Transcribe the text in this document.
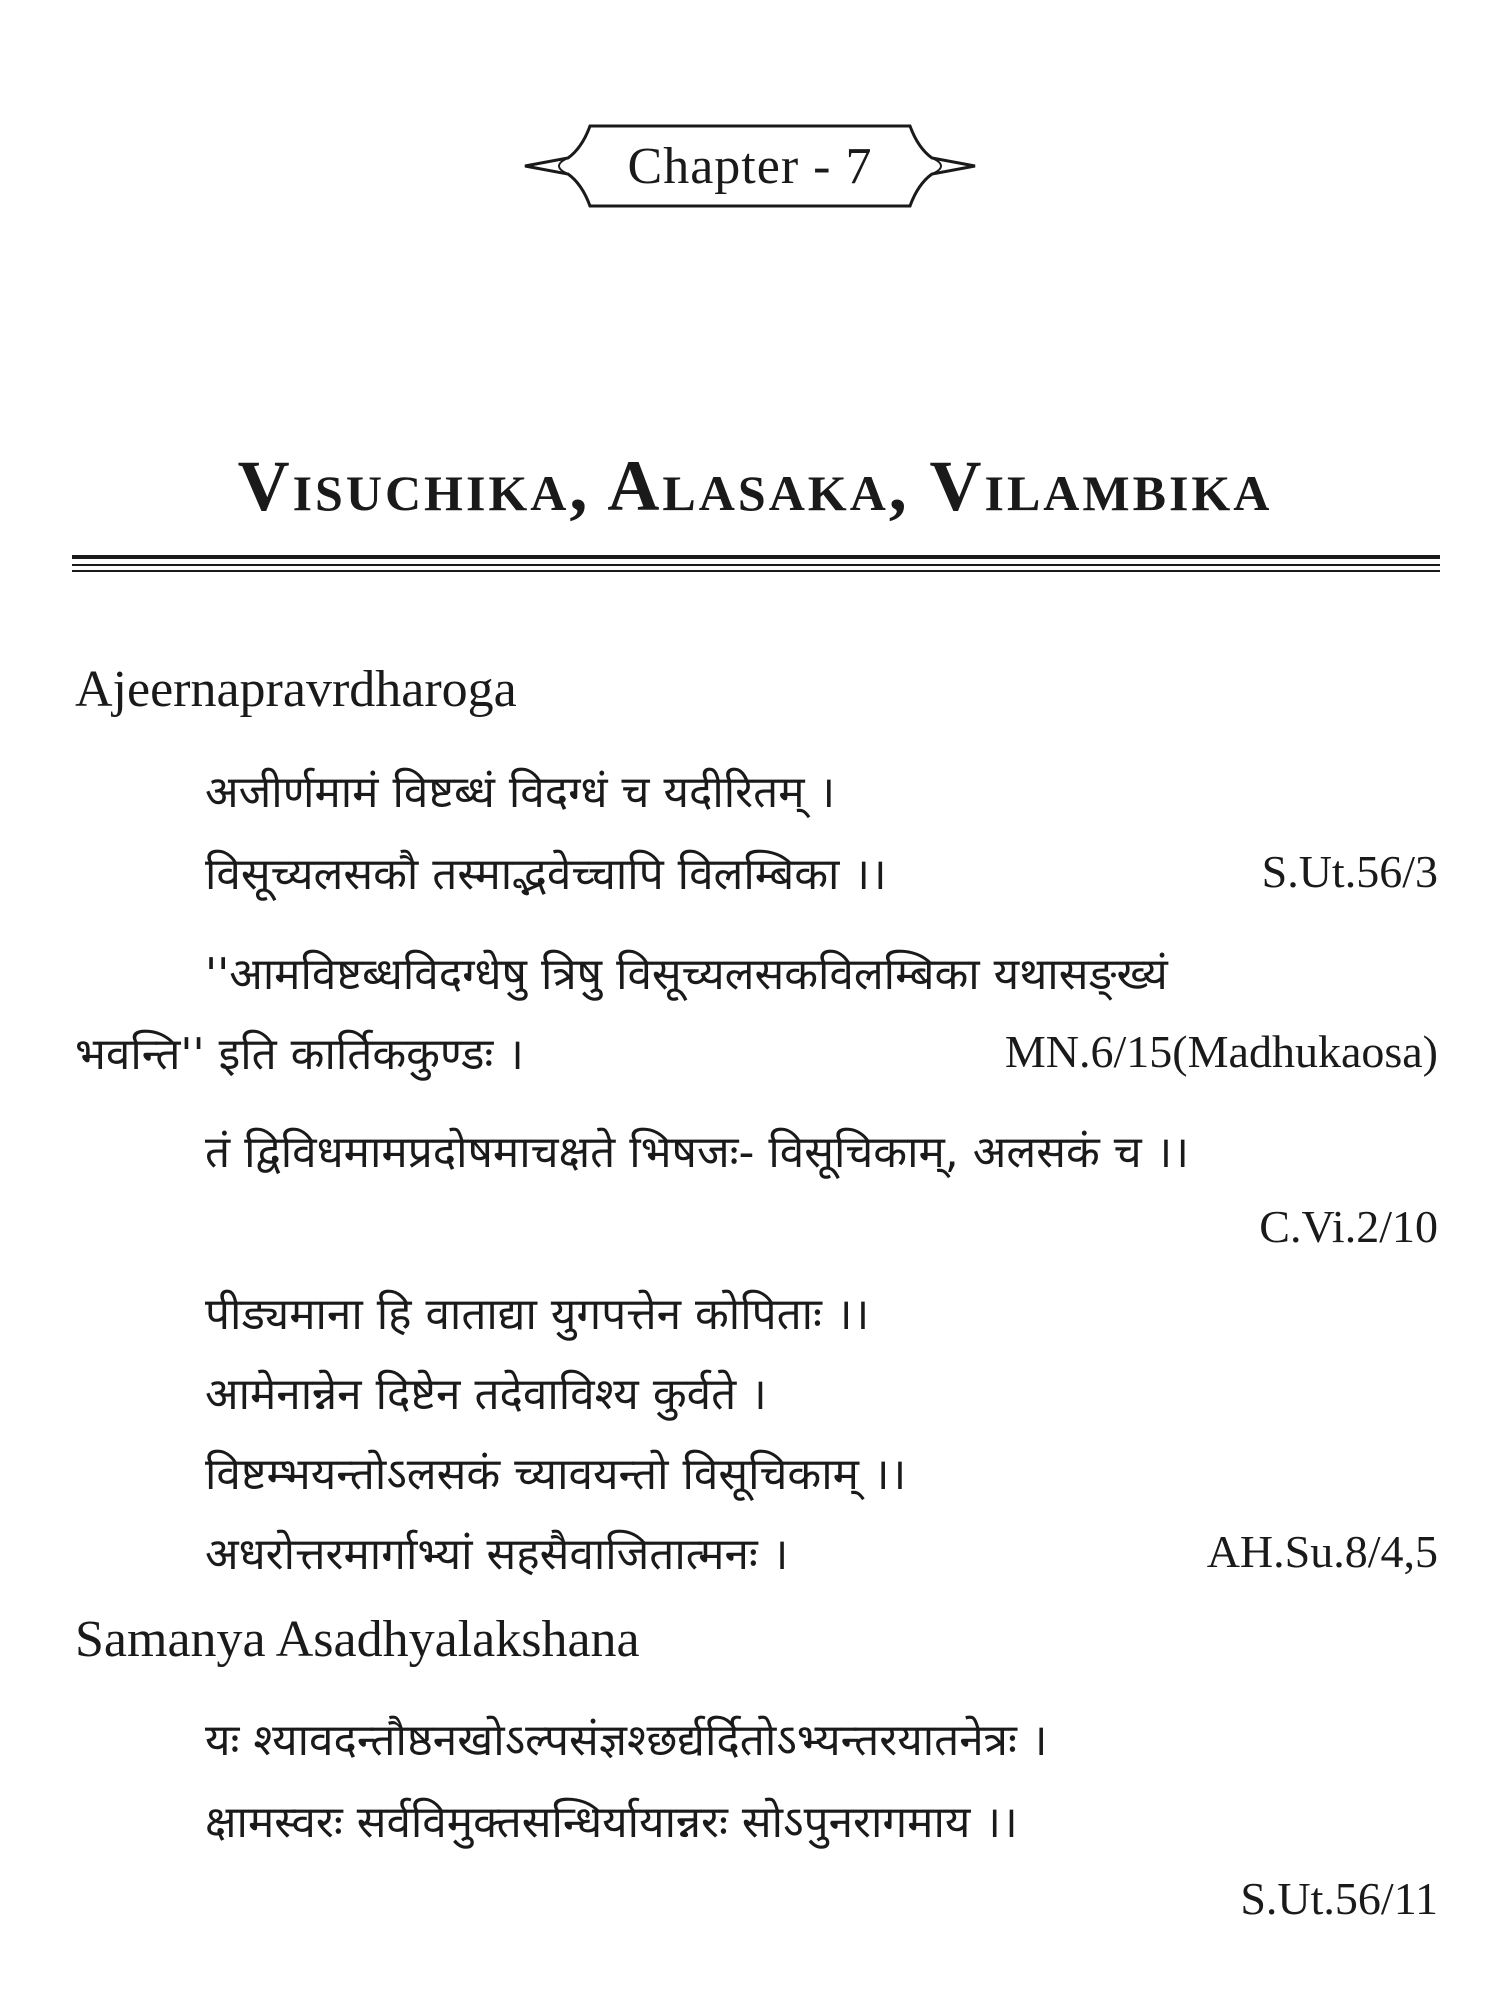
Chapter - 7
Visuchika, Alasaka, Vilambika
Ajeernapravrdharoga
अजीर्णमामं विष्टब्धं विदग्धं च यदीरितम् ।
विसूच्यलसकौ तस्माद्भवेच्चापि विलम्बिका ।।	S.Ut.56/3
''आमविष्टब्धविदग्धेषु त्रिषु विसूच्यलसकविलम्बिका यथासङ्ख्यं
भवन्ति'' इति कार्तिककुण्डः ।	MN.6/15(Madhukaosa)
तं द्विविधमामप्रदोषमाचक्षते भिषजः- विसूचिकाम्, अलसकं च ।।
C.Vi.2/10
पीड्यमाना हि वाताद्या युगपत्तेन कोपिताः ।।
आमेनान्नेन दिष्टेन तदेवाविश्य कुर्वते ।
विष्टम्भयन्तोऽलसकं च्यावयन्तो विसूचिकाम् ।।
अधरोत्तरमार्गाभ्यां सहसैवाजितात्मनः ।	AH.Su.8/4,5
Samanya Asadhyalakshana
यः श्यावदन्तौष्ठनखोऽल्पसंज्ञश्छर्द्यर्दितोऽभ्यन्तरयातनेत्रः ।
क्षामस्वरः सर्वविमुक्तसन्धिर्यायान्नरः सोऽपुनरागमाय ।।
S.Ut.56/11
